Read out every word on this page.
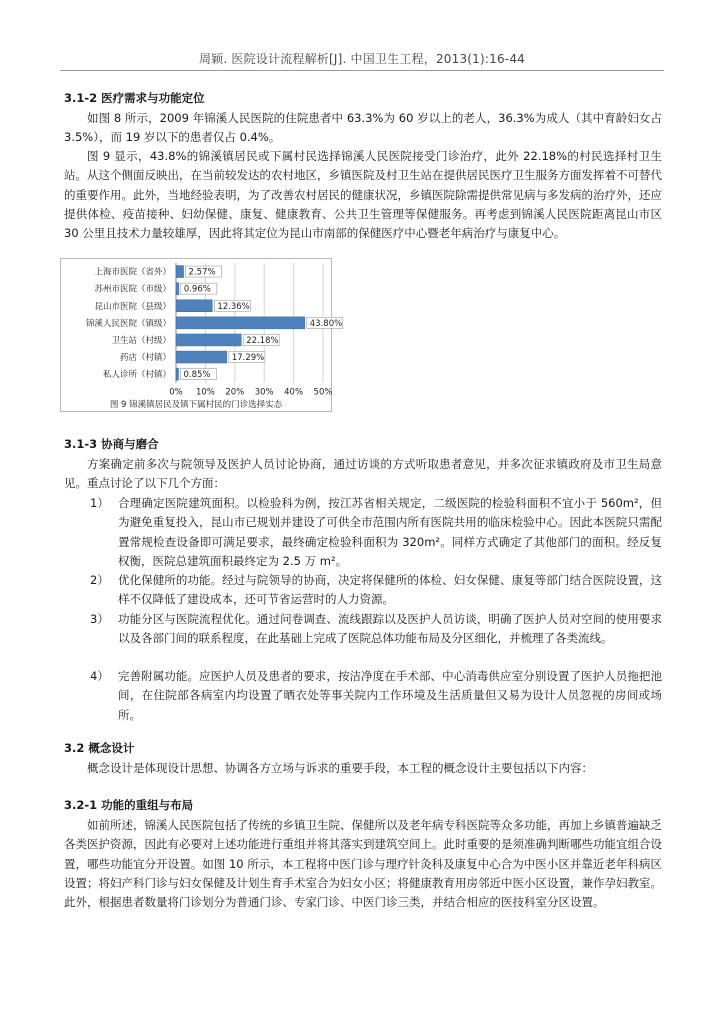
周颖. 医院设计流程解析[J]. 中国卫生工程，2013(1):16-44
3.1-2 医疗需求与功能定位

如图 8 所示，2009 年锦溪人民医院的住院患者中 63.3%为 60 岁以上的老人，36.3%为成人（其中育龄妇女占 3.5%），而 19 岁以下的患者仅占 0.4%。

图 9 显示，43.8%的锦溪镇居民或下属村民选择锦溪人民医院接受门诊治疗，此外 22.18%的村民选择村卫生站。从这个侧面反映出，在当前较发达的农村地区，乡镇医院及村卫生站在提供居民医疗卫生服务方面发挥着不可替代的重要作用。此外，当地经验表明，为了改善农村居民的健康状况，乡镇医院除需提供常见病与多发病的治疗外，还应提供体检、疫苗接种、妇幼保健、康复、健康教育、公共卫生管理等保健服务。再考虑到锦溪人民医院距离昆山市区 30 公里且技术力量较雄厚，因此将其定位为昆山市南部的保健医疗中心暨老年病治疗与康复中心。

0% 10% 20% 30% 40% 50%
上海市医院（省外） 2.57%
苏州市医院（市级） 0.96%
昆山市医院（县级）	12.36%
锦溪人民医院（镇级）	43.80%
卫生站（村级）	22.18%
药店（村镇）	17.29%
私人诊所（村镇） 0.85%
图 9 锦溪镇居民及镇下属村民的门诊选择实态
3.1-3 协商与磨合

方案确定前多次与院领导及医护人员讨论协商，通过访谈的方式听取患者意见，并多次征求镇政府及市卫生局意见。重点讨论了以下几个方面：

1） 合理确定医院建筑面积。以检验科为例，按江苏省相关规定，二级医院的检验科面积不宜小于 560m²，但为避免重复投入，昆山市已规划并建设了可供全市范围内所有医院共用的临床检验中心。因此本医院只需配置常规检查设备即可满足要求，最终确定检验科面积为 320m²。同样方式确定了其他部门的面积。经反复权衡，医院总建筑面积最终定为 2.5 万 m²。
2） 优化保健所的功能。经过与院领导的协商，决定将保健所的体检、妇女保健、康复等部门结合医院设置，这样不仅降低了建设成本，还可节省运营时的人力资源。
3） 功能分区与医院流程优化。通过问卷调查、流线跟踪以及医护人员访谈，明确了医护人员对空间的使用要求以及各部门间的联系程度，在此基础上完成了医院总体功能布局及分区细化，并梳理了各类流线。
4） 完善附属功能。应医护人员及患者的要求，按洁净度在手术部、中心消毒供应室分别设置了医护人员拖把池间，在住院部各病室内均设置了晒衣处等事关院内工作环境及生活质量但又易为设计人员忽视的房间或场所。
3.2 概念设计

概念设计是体现设计思想、协调各方立场与诉求的重要手段，本工程的概念设计主要包括以下内容：

3.2-1 功能的重组与布局

如前所述，锦溪人民医院包括了传统的乡镇卫生院、保健所以及老年病专科医院等众多功能，再加上乡镇普遍缺乏各类医护资源，因此有必要对上述功能进行重组并将其落实到建筑空间上。此时重要的是须准确判断哪些功能宜组合设置，哪些功能宜分开设置。如图 10 所示，本工程将中医门诊与理疗针灸科及康复中心合为中医小区并靠近老年科病区设置；将妇产科门诊与妇女保健及计划生育手术室合为妇女小区；将健康教育用房邻近中医小区设置，兼作孕妇教室。此外，根据患者数量将门诊划分为普通门诊、专家门诊、中医门诊三类，并结合相应的医技科室分区设置。
